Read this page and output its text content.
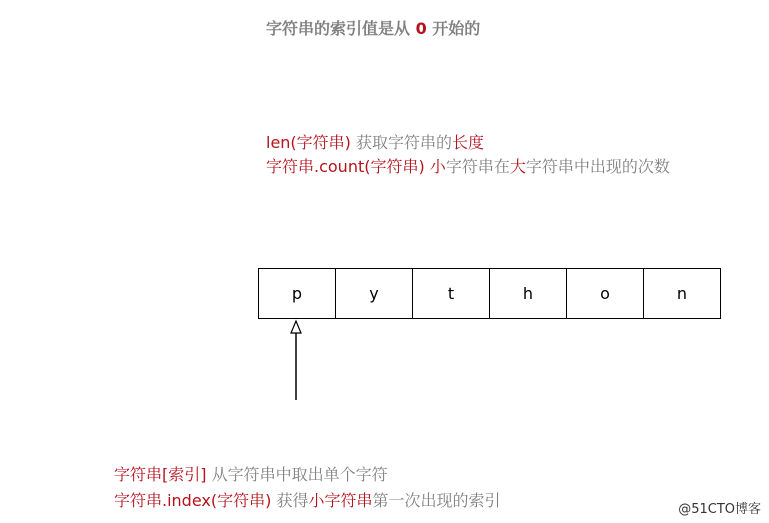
字符串的索引值是从 0 开始的
len(字符串) 获取字符串的长度
字符串.count(字符串) 小字符串在大字符串中出现的次数
p	y	t	h	o	n
字符串[索引] 从字符串中取出单个字符
字符串.index(字符串) 获得小字符串第一次出现的索引	@51CTO博客
